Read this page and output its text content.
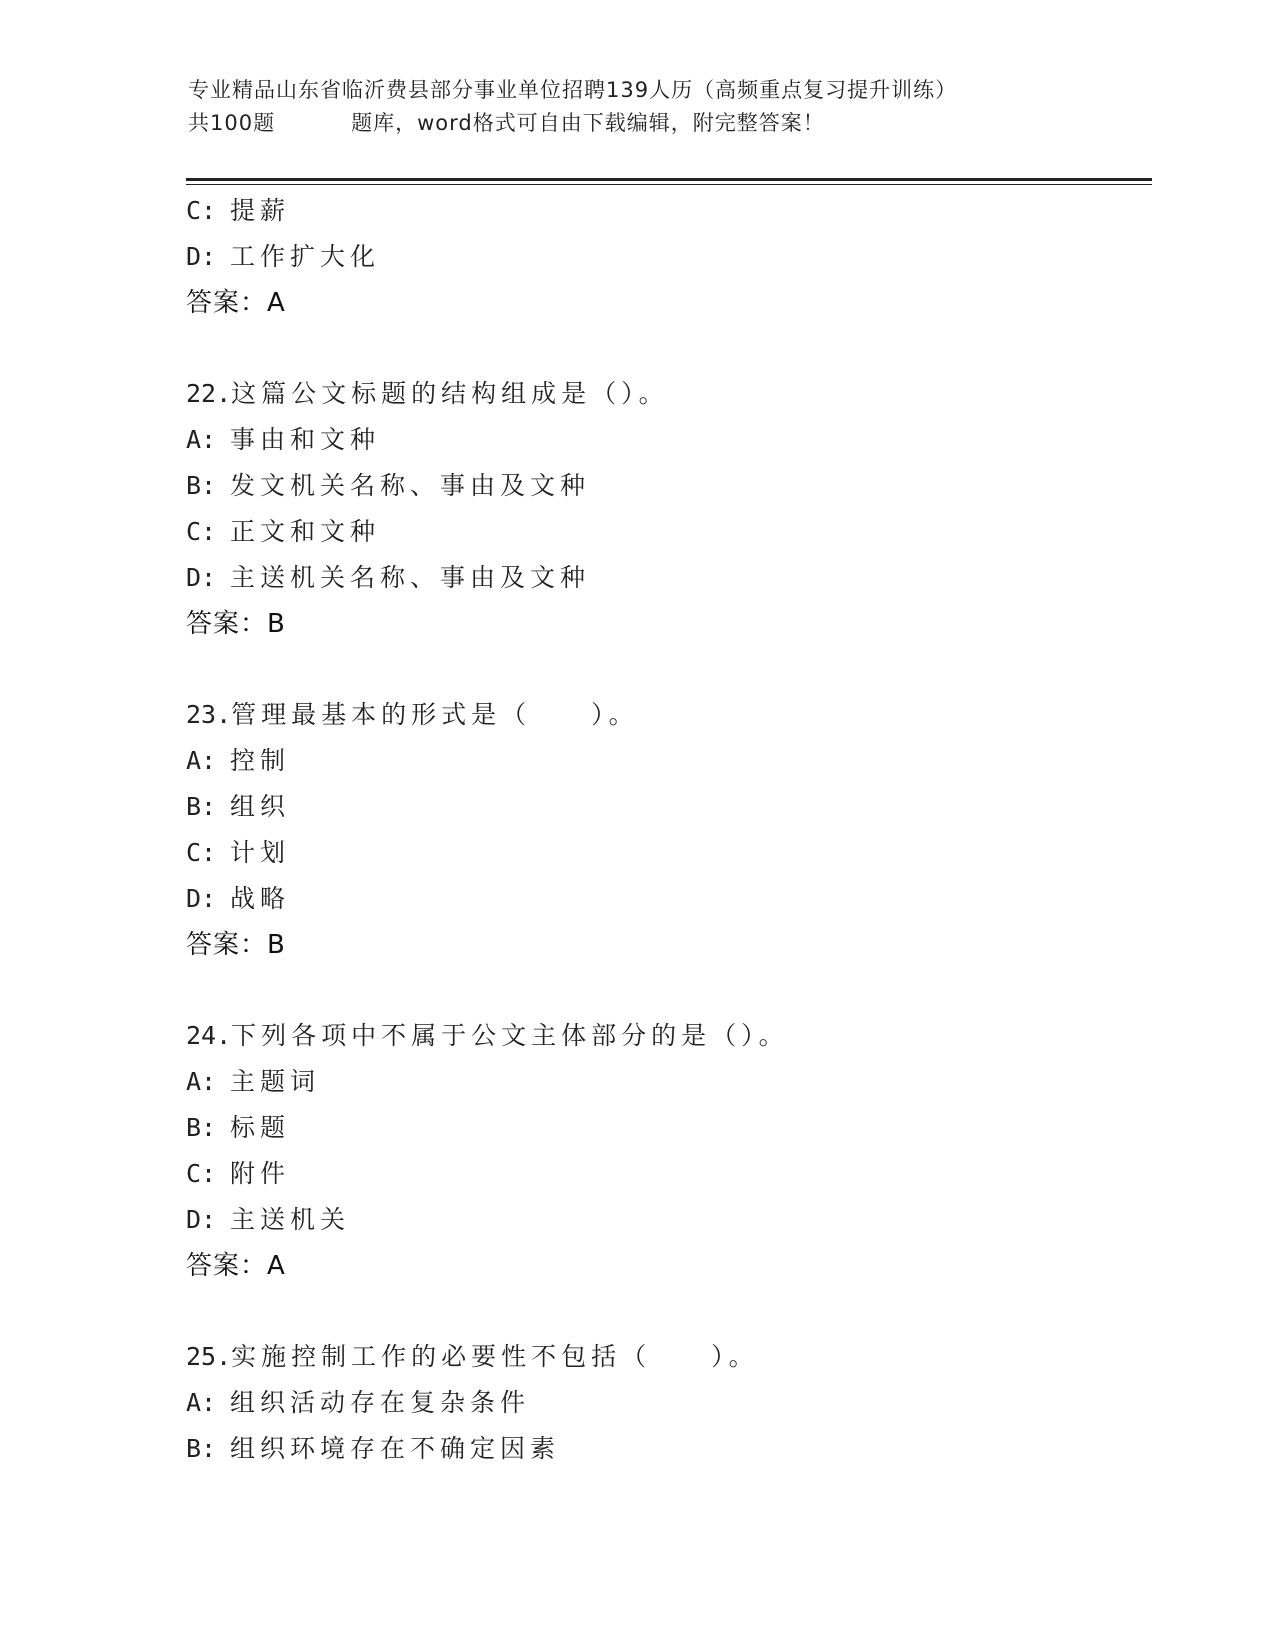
专业精品山东省临沂费县部分事业单位招聘139人历（高频重点复习提升训练）
共100题	题库，word格式可自由下载编辑，附完整答案！
C: 提薪
D: 工作扩大化
答案：A
22.这篇公文标题的结构组成是（）。
A: 事由和文种
B: 发文机关名称、事由及文种
C: 正文和文种
D: 主送机关名称、事由及文种
答案：B
23.管理最基本的形式是（　　）。
A: 控制
B: 组织
C: 计划
D: 战略
答案：B
24.下列各项中不属于公文主体部分的是（）。
A: 主题词
B: 标题
C: 附件
D: 主送机关
答案：A
25.实施控制工作的必要性不包括（　　）。
A: 组织活动存在复杂条件
B: 组织环境存在不确定因素
